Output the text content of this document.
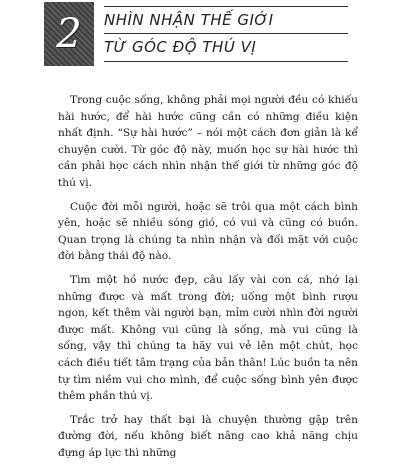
2 NHÌN NHẬN THẾ GIỚI
TỪ GÓC ĐỘ THÚ VỊ

Trong cuộc sống, không phải mọi người đều có khiếu hài hước, để hài hước cũng cần có những điều kiện nhất định. “Sự hài hước” – nói một cách đơn giản là kể chuyện cười. Từ góc độ này, muốn học sự hài hước thì cần phải học cách nhìn nhận thế giới từ những góc độ thú vị.

Cuộc đời mỗi người, hoặc sẽ trôi qua một cách bình yên, hoặc sẽ nhiều sóng gió, có vui và cũng có buồn. Quan trọng là chúng ta nhìn nhận và đối mặt với cuộc đời bằng thái độ nào.

Tìm một hồ nước đẹp, câu lấy vài con cá, nhớ lại những được và mất trong đời; uống một bình rượu ngon, kết thêm vài người bạn, mỉm cười nhìn đời người được mất. Không vui cũng là sống, mà vui cũng là sống, vậy thì chúng ta hãy vui vẻ lên một chút, học cách điều tiết tâm trạng của bản thân! Lúc buồn ta nên tự tìm niềm vui cho mình, để cuộc sống bình yên được thêm phần thú vị.

Trắc trở hay thất bại là chuyện thường gặp trên đường đời, nếu không biết nâng cao khả năng chịu đựng áp lực thì những
